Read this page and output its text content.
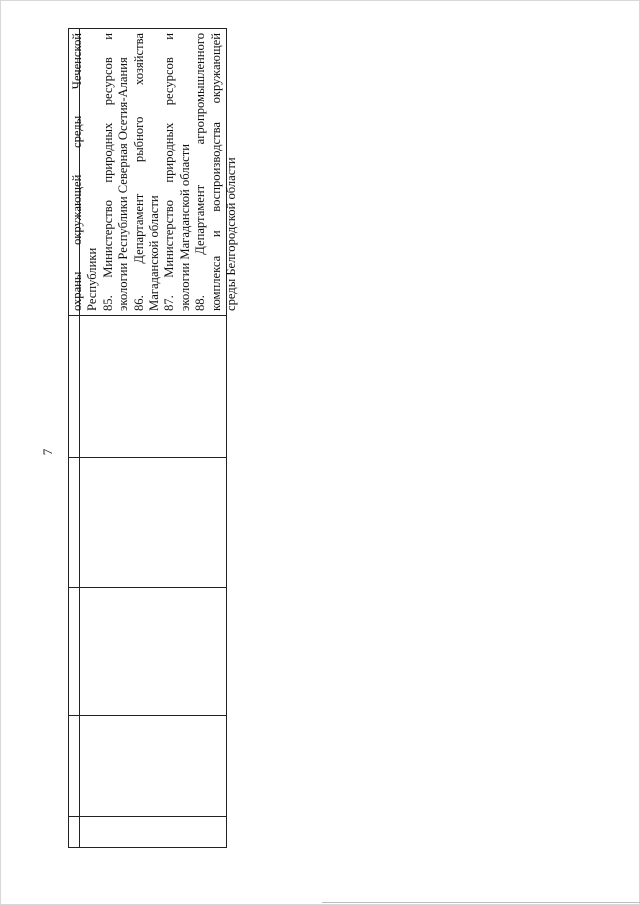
7
охраны окружающей среды Чеченской Республики 85. Министерство природных ресурсов и экологии Республики Северная Осетия-Алания 86. Департамент рыбного хозяйства Магаданской области 87. Министерство природных ресурсов и экологии Магаданской области 88. Департамент агропромышленного комплекса и воспроизводства окружающей среды Белгородской области
